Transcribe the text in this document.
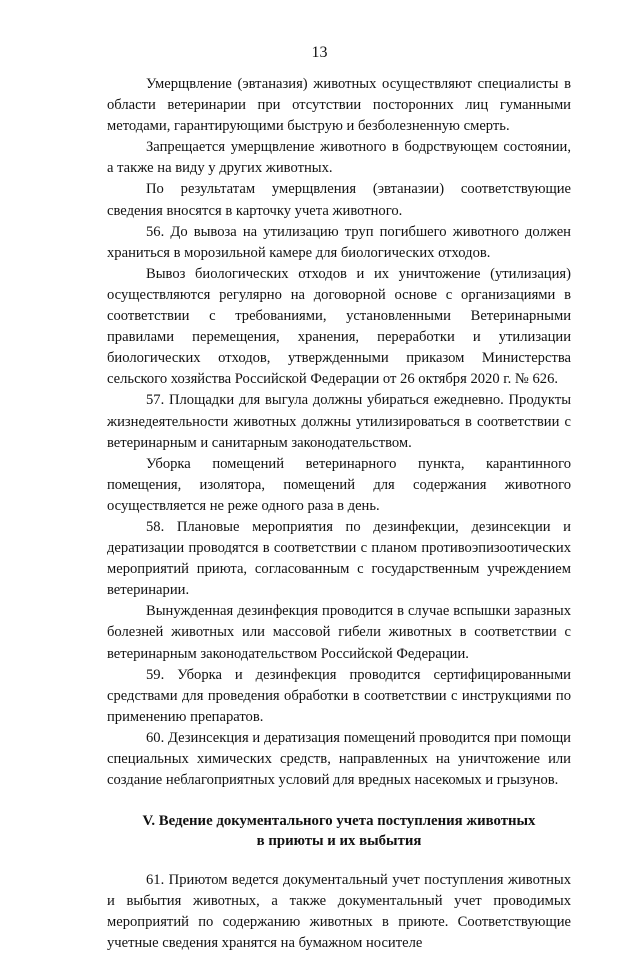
13

Умерщвление (эвтаназия) животных осуществляют специалисты в области ветеринарии при отсутствии посторонних лиц гуманными методами, гарантирующими быструю и безболезненную смерть.

Запрещается умерщвление животного в бодрствующем состоянии, а также на виду у других животных.

По результатам умерщвления (эвтаназии) соответствующие сведения вносятся в карточку учета животного.

56. До вывоза на утилизацию труп погибшего животного должен храниться в морозильной камере для биологических отходов.

Вывоз биологических отходов и их уничтожение (утилизация) осуществляются регулярно на договорной основе с организациями в соответствии с требованиями, установленными Ветеринарными правилами перемещения, хранения, переработки и утилизации биологических отходов, утвержденными приказом Министерства сельского хозяйства Российской Федерации от 26 октября 2020 г. № 626.

57. Площадки для выгула должны убираться ежедневно. Продукты жизнедеятельности животных должны утилизироваться в соответствии с ветеринарным и санитарным законодательством.

Уборка помещений ветеринарного пункта, карантинного помещения, изолятора, помещений для содержания животного осуществляется не реже одного раза в день.

58. Плановые мероприятия по дезинфекции, дезинсекции и дератизации проводятся в соответствии с планом противоэпизоотических мероприятий приюта, согласованным с государственным учреждением ветеринарии.

Вынужденная дезинфекция проводится в случае вспышки заразных болезней животных или массовой гибели животных в соответствии с ветеринарным законодательством Российской Федерации.

59. Уборка и дезинфекция проводится сертифицированными средствами для проведения обработки в соответствии с инструкциями по применению препаратов.

60. Дезинсекция и дератизация помещений проводится при помощи специальных химических средств, направленных на уничтожение или создание неблагоприятных условий для вредных насекомых и грызунов.

V. Ведение документального учета поступления животных
в приюты и их выбытия

61. Приютом ведется документальный учет поступления животных и выбытия животных, а также документальный учет проводимых мероприятий по содержанию животных в приюте. Соответствующие учетные сведения хранятся на бумажном носителе
